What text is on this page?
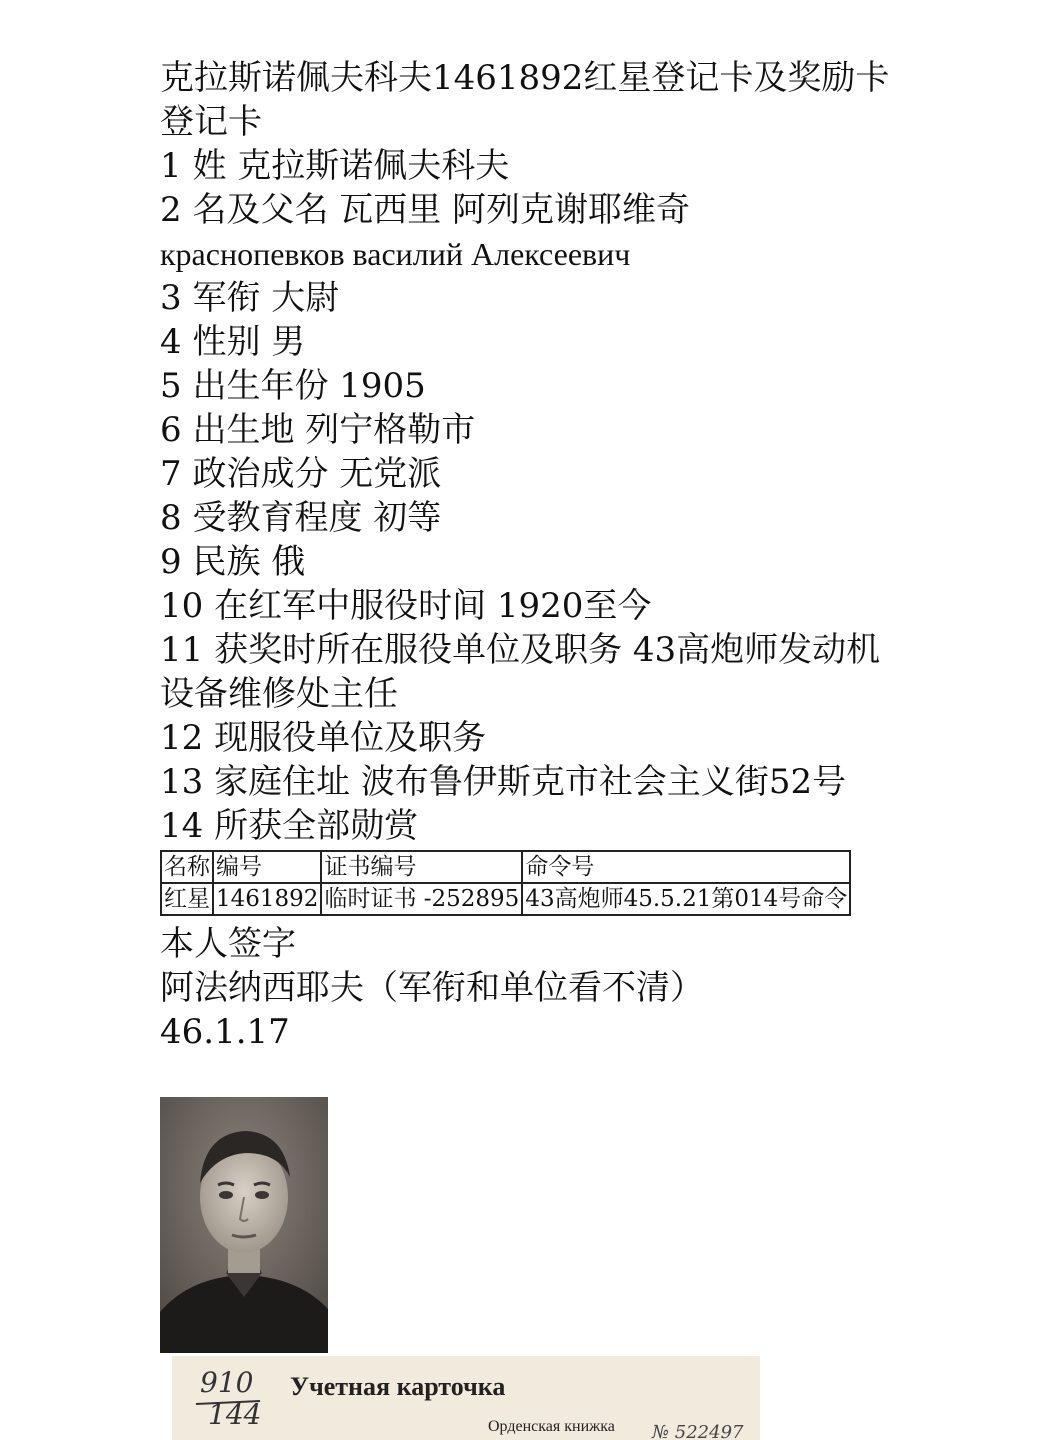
克拉斯诺佩夫科夫1461892红星登记卡及奖励卡

登记卡

1 姓 克拉斯诺佩夫科夫

2 名及父名 瓦西里 阿列克谢耶维奇

красноп​евков василий Алексеевич

3 军衔 大尉

4 性别 男

5 出生年份 1905

6 出生地 列宁格勒市

7 政治成分 无党派

8 受教育程度 初等

9 民族 俄

10 在红军中服役时间 1920至今

11 获奖时所在服役单位及职务 43高炮师发动机设备维修处主任

12 现服役单位及职务

13 家庭住址 波布鲁伊斯克市社会主义街52号

14 所获全部勋赏

名称	编号	证书编号	命令号
红星	1461892	临时证书 -252895	43高炮师45.5.21第014号命令

本人签字

阿法纳西耶夫（军衔和单位看不清）

46.1.17

910
144
Учетная карточка
Орденская книжка № 522497
